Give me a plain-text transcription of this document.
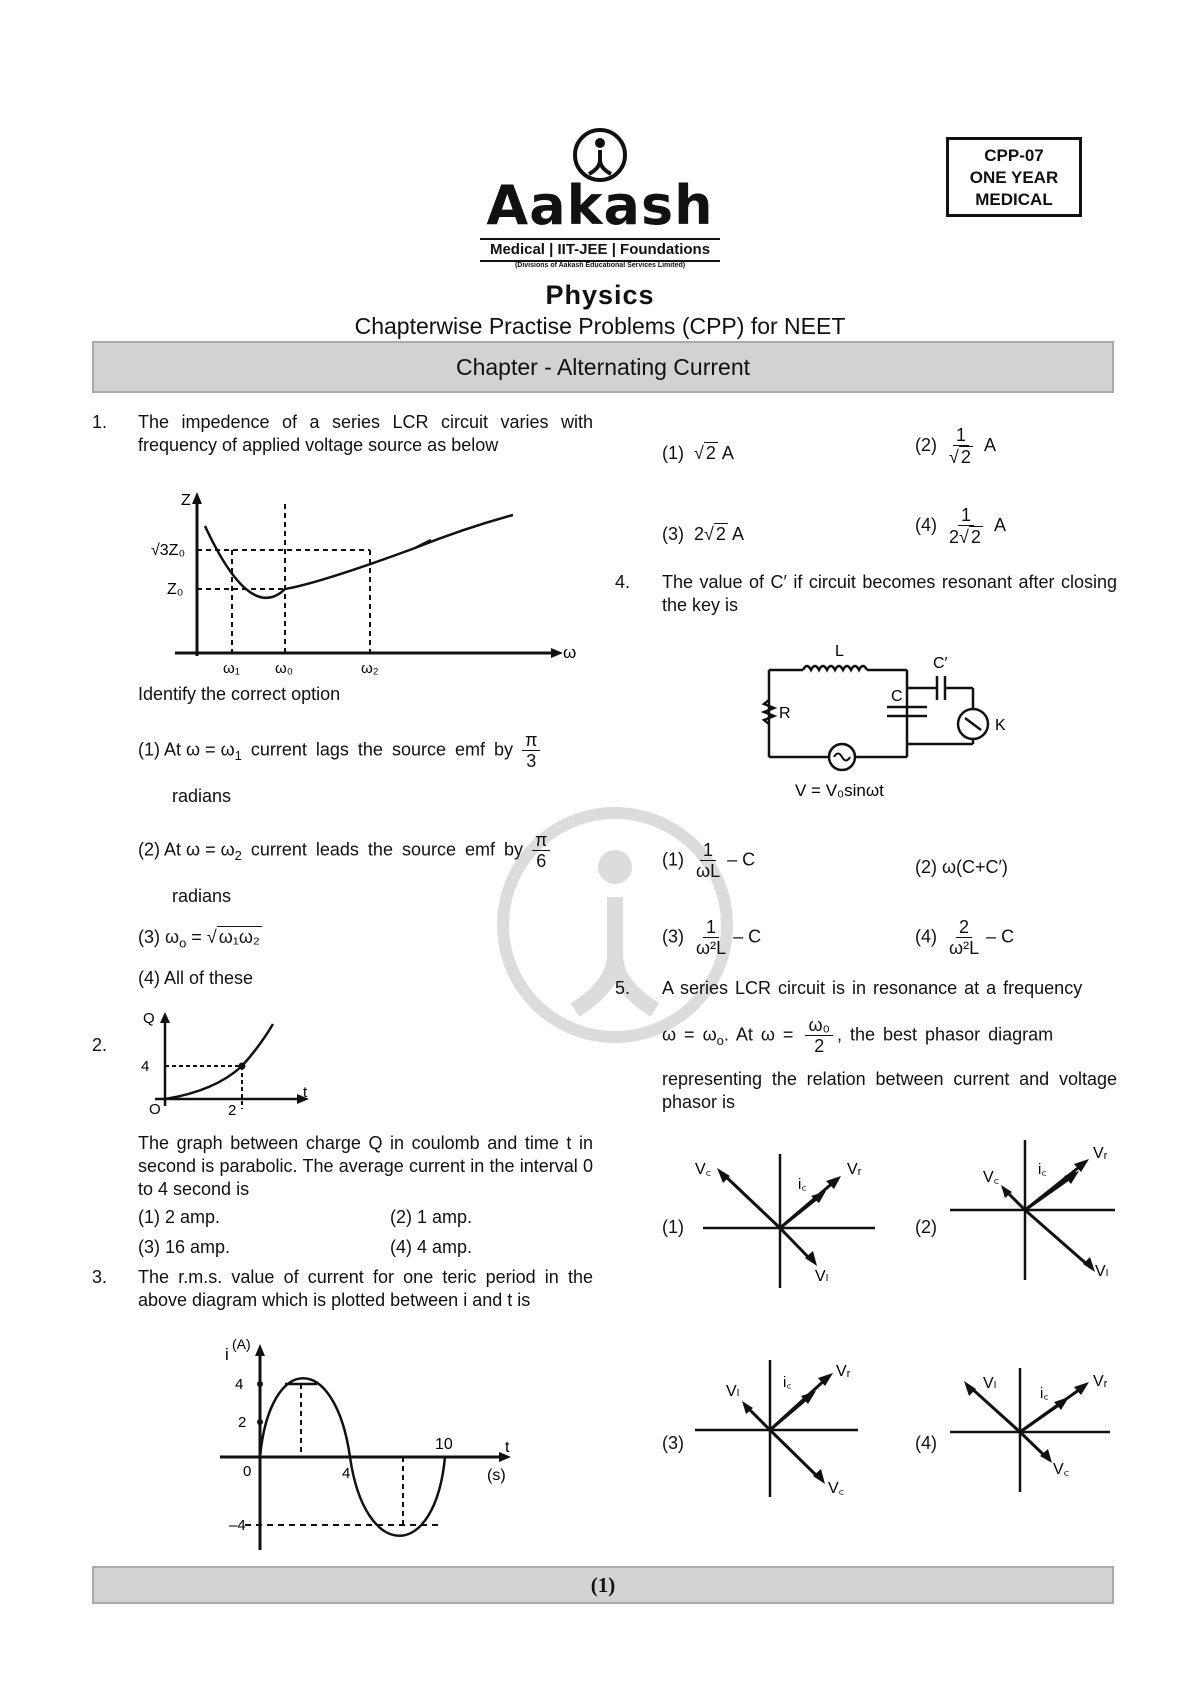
Aakash
Medical | IIT-JEE | Foundations
(Divisions of Aakash Educational Services Limited)
CPP-07
ONE YEAR
MEDICAL
Physics
Chapterwise Practise Problems (CPP) for NEET
Chapter - Alternating Current
1. The impedence of a series LCR circuit varies with frequency of applied voltage source as below
Z
√3Z₀
Z₀
ω
ω₁ ω₀	ω₂
Identify the correct option
(1) At $\omega = \omega_1$ current lags the source emf by $\frac{\pi}{3}$
radians
(2) At $\omega = \omega_2$ current leads the source emf by $\frac{\pi}{6}$
radians
(3) $\omega_o$ = √ ω₁ω₂
(4) All of these
2.
Q
4
O	2
t
The graph between charge Q in coulomb and time t in second is parabolic. The average current in the interval 0 to 4 second is
(1) 2 amp.	(2) 1 amp.
(3) 16 amp.	(4) 4 amp.
3. The r.m.s. value of current for one teric period in the above diagram which is plotted between i and t is
i
(A)
4
2
0
–4
4
10	t
(s)
(1)  √ 2 A	$(2) \frac{1}{√ 2}$ A
(3) 2√ 2 A	$(4) \frac{1}{2√ 2}$ A
4. The value of C′ if circuit becomes resonant after closing the key is
L
C′
C
R
K
V = V₀sinωt
$(1) \frac{1}{\omega L}$ – C	(2) ω(C+C′)
$(3) \frac{1}{\text{ω²L}}$ – C	$(4) \frac{2}{\text{ω²L}}$ – C
5. A series LCR circuit is in resonance at a frequency
$\omega = \omega_o$. At $\omega = \frac{\text{ω₀}}{2}$ , the best phasor diagram
representing the relation between current and voltage phasor is
(1)
V꜀
i꜀
Vᵣ
Vₗ
(2)
V꜀	i꜀
Vᵣ
Vₗ
(3)
Vₗ
i꜀
Vᵣ
V꜀
(4)
Vₗ
i꜀
Vᵣ
V꜀
(1)
